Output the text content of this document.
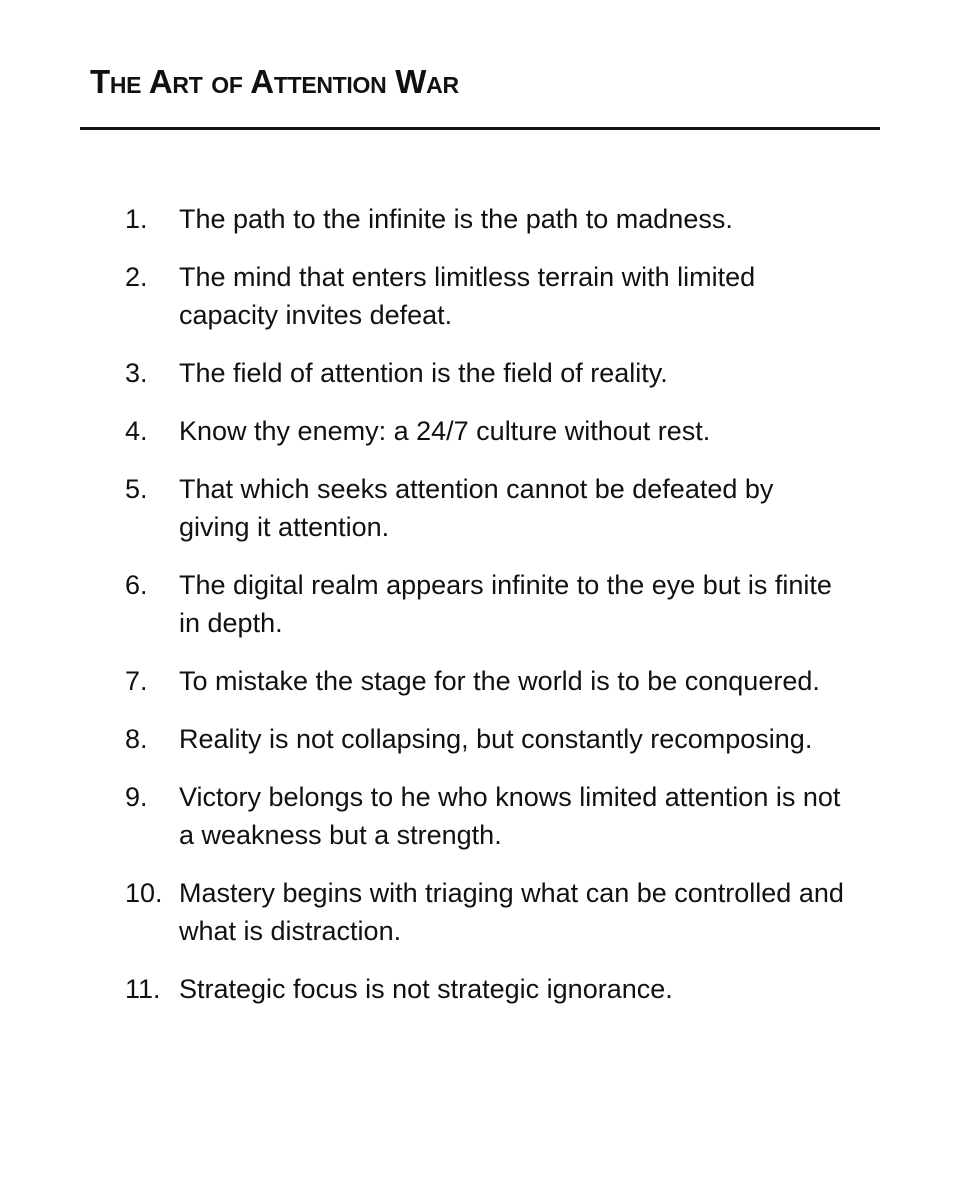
The Art of Attention War
1.	The path to the infinite is the path to madness.
2.	The mind that enters limitless terrain with limited capacity invites defeat.
3.	The field of attention is the field of reality.
4.	Know thy enemy: a 24/7 culture without rest.
5.	That which seeks attention cannot be defeated by giving it attention.
6.	The digital realm appears infinite to the eye but is finite in depth.
7.	To mistake the stage for the world is to be conquered.
8.	Reality is not collapsing, but constantly recomposing.
9.	Victory belongs to he who knows limited attention is not a weakness but a strength.
10. Mastery begins with triaging what can be controlled and what is distraction.
11. Strategic focus is not strategic ignorance.
